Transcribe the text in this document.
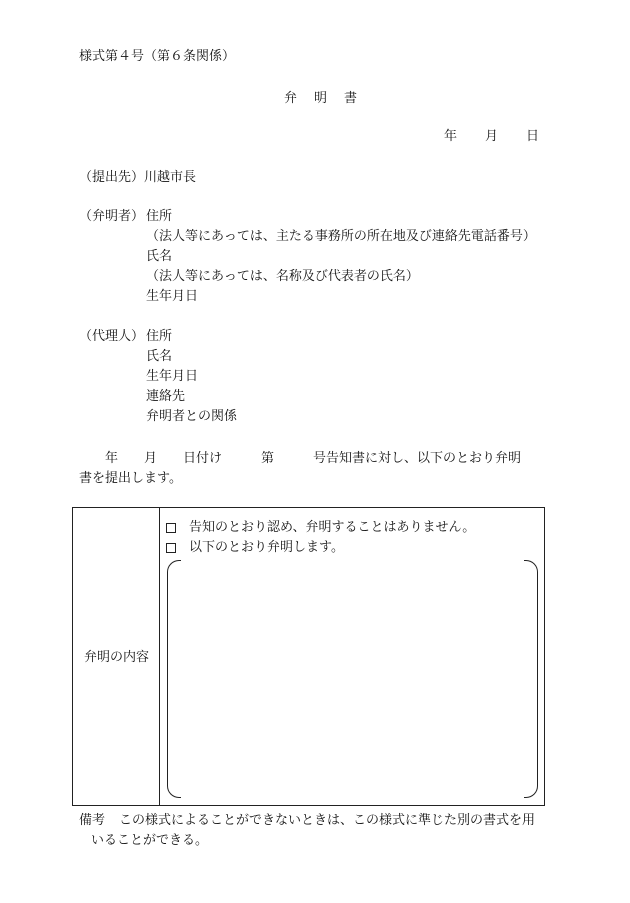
様式第４号（第６条関係）
弁明書
年 月 日
（提出先）川越市長
（弁明者） 住所
（法人等にあっては、主たる事務所の所在地及び連絡先電話番号）
氏名
（法人等にあっては、名称及び代表者の氏名）
生年月日
（代理人） 住所
氏名
生年月日
連絡先
弁明者との関係
　　年　　月　　日付け　　　第　　　号告知書に対し、以下のとおり弁明
書を提出します。
弁明の内容
告知のとおり認め、弁明することはありません。
以下のとおり弁明します。
備考 この様式によることができないときは、この様式に準じた別の書式を用
いることができる。
